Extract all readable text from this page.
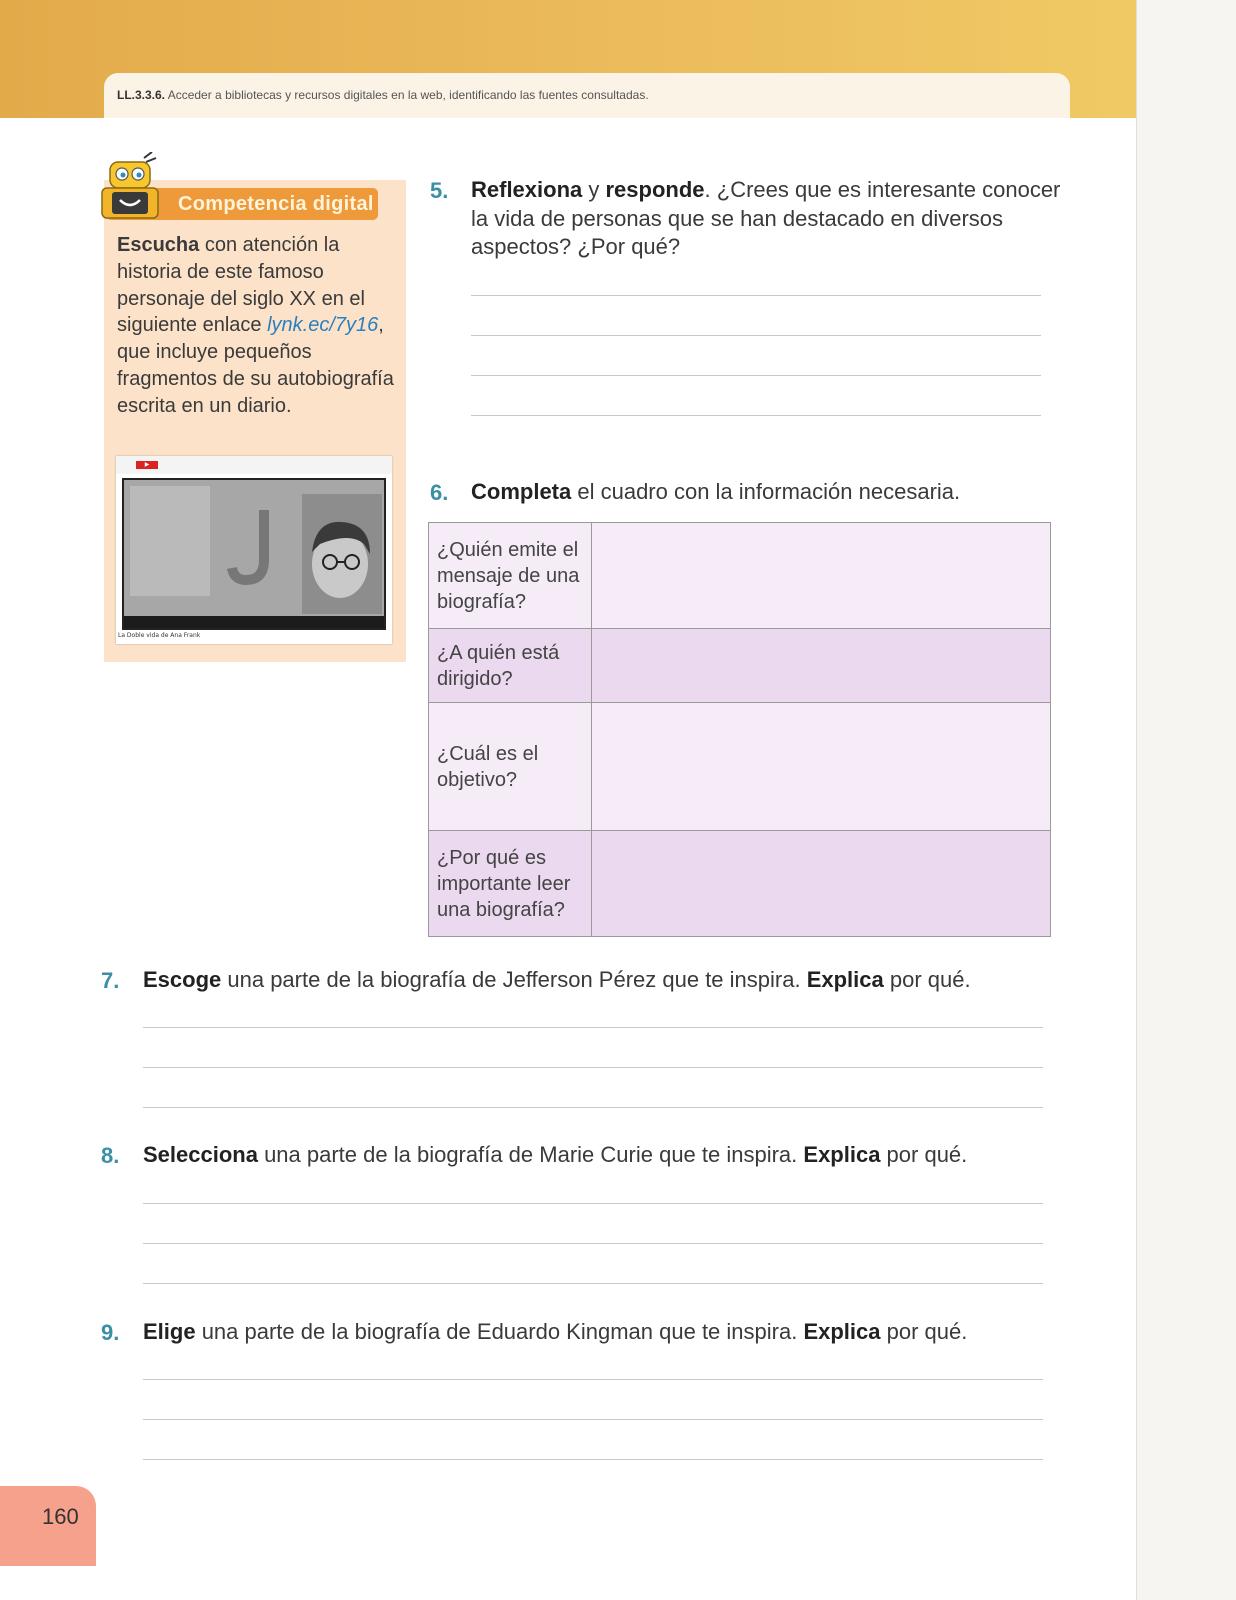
LL.3.3.6. Acceder a bibliotecas y recursos digitales en la web, identificando las fuentes consultadas.
Competencia digital
Escucha con atención la historia de este famoso personaje del siglo XX en el siguiente enlace lynk.ec/7y16, que incluye pequeños fragmentos de su autobiografía escrita en un diario.
▶
La Doble vida de Ana Frank
5. Reflexiona y responde. ¿Crees que es interesante conocer la vida de personas que se han destacado en diversos aspectos? ¿Por qué?
6. Completa el cuadro con la información necesaria.
¿Quién emite el mensaje de una biografía?	
¿A quién está dirigido?	
¿Cuál es el objetivo?	
¿Por qué es importante leer una biografía?	
7. Escoge una parte de la biografía de Jefferson Pérez que te inspira. Explica por qué.
8. Selecciona una parte de la biografía de Marie Curie que te inspira. Explica por qué.
9. Elige una parte de la biografía de Eduardo Kingman que te inspira. Explica por qué.
160
